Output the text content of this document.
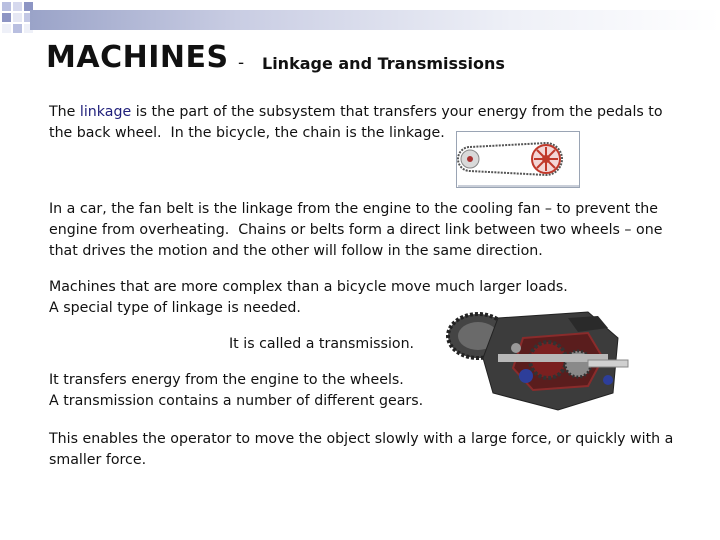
MACHINES - Linkage and Transmissions
The linkage is the part of the subsystem that transfers your energy from the pedals to
the back wheel.  In the bicycle, the chain is the linkage.
In a car, the fan belt is the linkage from the engine to the cooling fan – to prevent the
engine from overheating.  Chains or belts form a direct link between two wheels – one
that drives the motion and the other will follow in the same direction.
Machines that are more complex than a bicycle move much larger loads.
A special type of linkage is needed.
It is called a transmission.
It transfers energy from the engine to the wheels.
A transmission contains a number of different gears.
This enables the operator to move the object slowly with a large force, or quickly with a
smaller force.
